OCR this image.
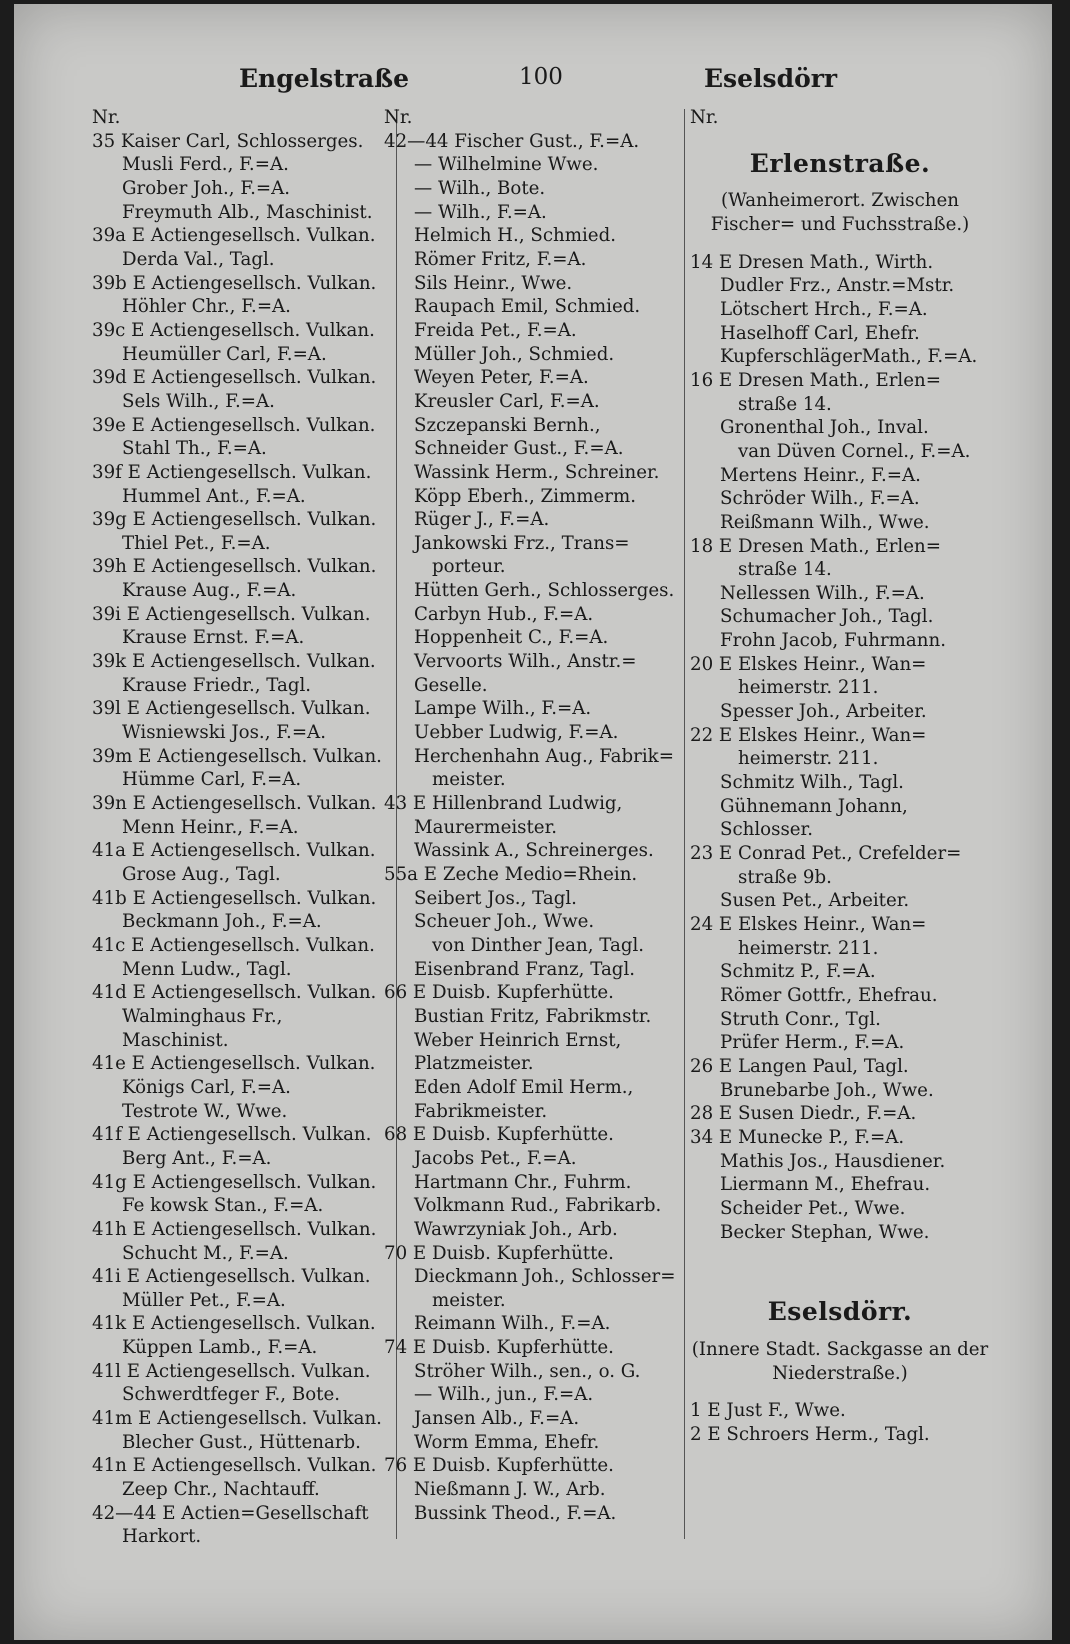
Engelstraße	100	Eselsdörr
Nr.
35 Kaiser Carl, Schlosserges.
Musli Ferd., F.=A.
Grober Joh., F.=A.
Freymuth Alb., Maschinist.
39a E Actiengesellsch. Vulkan.
Derda Val., Tagl.
39b E Actiengesellsch. Vulkan.
Höhler Chr., F.=A.
39c E Actiengesellsch. Vulkan.
Heumüller Carl, F.=A.
39d E Actiengesellsch. Vulkan.
Sels Wilh., F.=A.
39e E Actiengesellsch. Vulkan.
Stahl Th., F.=A.
39f E Actiengesellsch. Vulkan.
Hummel Ant., F.=A.
39g E Actiengesellsch. Vulkan.
Thiel Pet., F.=A.
39h E Actiengesellsch. Vulkan.
Krause Aug., F.=A.
39i E Actiengesellsch. Vulkan.
Krause Ernst. F.=A.
39k E Actiengesellsch. Vulkan.
Krause Friedr., Tagl.
39l E Actiengesellsch. Vulkan.
Wisniewski Jos., F.=A.
39m E Actiengesellsch. Vulkan.
Hümme Carl, F.=A.
39n E Actiengesellsch. Vulkan.
Menn Heinr., F.=A.
41a E Actiengesellsch. Vulkan.
Grose Aug., Tagl.
41b E Actiengesellsch. Vulkan.
Beckmann Joh., F.=A.
41c E Actiengesellsch. Vulkan.
Menn Ludw., Tagl.
41d E Actiengesellsch. Vulkan.
Walminghaus Fr.,
Maschinist.
41e E Actiengesellsch. Vulkan.
Königs Carl, F.=A.
Testrote W., Wwe.
41f E Actiengesellsch. Vulkan.
Berg Ant., F.=A.
41g E Actiengesellsch. Vulkan.
Fe kowsk Stan., F.=A.
41h E Actiengesellsch. Vulkan.
Schucht M., F.=A.
41i E Actiengesellsch. Vulkan.
Müller Pet., F.=A.
41k E Actiengesellsch. Vulkan.
Küppen Lamb., F.=A.
41l E Actiengesellsch. Vulkan.
Schwerdtfeger F., Bote.
41m E Actiengesellsch. Vulkan.
Blecher Gust., Hüttenarb.
41n E Actiengesellsch. Vulkan.
Zeep Chr., Nachtauff.
42—44 E Actien=Gesellschaft
Harkort.
Nr.
42—44 Fischer Gust., F.=A.
— Wilhelmine Wwe.
— Wilh., Bote.
— Wilh., F.=A.
Helmich H., Schmied.
Römer Fritz, F.=A.
Sils Heinr., Wwe.
Raupach Emil, Schmied.
Freida Pet., F.=A.
Müller Joh., Schmied.
Weyen Peter, F.=A.
Kreusler Carl, F.=A.
Szczepanski Bernh.,
Schneider Gust., F.=A.
Wassink Herm., Schreiner.
Köpp Eberh., Zimmerm.
Rüger J., F.=A.
Jankowski Frz., Trans=
porteur.
Hütten Gerh., Schlosserges.
Carbyn Hub., F.=A.
Hoppenheit C., F.=A.
Vervoorts Wilh., Anstr.=
Geselle.
Lampe Wilh., F.=A.
Uebber Ludwig, F.=A.
Herchenhahn Aug., Fabrik=
meister.
43 E Hillenbrand Ludwig,
Maurermeister.
Wassink A., Schreinerges.
55a E Zeche Medio=Rhein.
Seibert Jos., Tagl.
Scheuer Joh., Wwe.
von Dinther Jean, Tagl.
Eisenbrand Franz, Tagl.
66 E Duisb. Kupferhütte.
Bustian Fritz, Fabrikmstr.
Weber Heinrich Ernst,
Platzmeister.
Eden Adolf Emil Herm.,
Fabrikmeister.
68 E Duisb. Kupferhütte.
Jacobs Pet., F.=A.
Hartmann Chr., Fuhrm.
Volkmann Rud., Fabrikarb.
Wawrzyniak Joh., Arb.
70 E Duisb. Kupferhütte.
Dieckmann Joh., Schlosser=
meister.
Reimann Wilh., F.=A.
74 E Duisb. Kupferhütte.
Ströher Wilh., sen., o. G.
— Wilh., jun., F.=A.
Jansen Alb., F.=A.
Worm Emma, Ehefr.
76 E Duisb. Kupferhütte.
Nießmann J. W., Arb.
Bussink Theod., F.=A.
Nr.
Erlenstraße.
(Wanheimerort. Zwischen Fischer= und Fuchsstraße.)
14 E Dresen Math., Wirth.
Dudler Frz., Anstr.=Mstr.
Lötschert Hrch., F.=A.
Haselhoff Carl, Ehefr.
KupferschlägerMath., F.=A.
16 E Dresen Math., Erlen=
straße 14.
Gronenthal Joh., Inval.
van Düven Cornel., F.=A.
Mertens Heinr., F.=A.
Schröder Wilh., F.=A.
Reißmann Wilh., Wwe.
18 E Dresen Math., Erlen=
straße 14.
Nellessen Wilh., F.=A.
Schumacher Joh., Tagl.
Frohn Jacob, Fuhrmann.
20 E Elskes Heinr., Wan=
heimerstr. 211.
Spesser Joh., Arbeiter.
22 E Elskes Heinr., Wan=
heimerstr. 211.
Schmitz Wilh., Tagl.
Gühnemann Johann,
Schlosser.
23 E Conrad Pet., Crefelder=
straße 9b.
Susen Pet., Arbeiter.
24 E Elskes Heinr., Wan=
heimerstr. 211.
Schmitz P., F.=A.
Römer Gottfr., Ehefrau.
Struth Conr., Tgl.
Prüfer Herm., F.=A.
26 E Langen Paul, Tagl.
Brunebarbe Joh., Wwe.
28 E Susen Diedr., F.=A.
34 E Munecke P., F.=A.
Mathis Jos., Hausdiener.
Liermann M., Ehefrau.
Scheider Pet., Wwe.
Becker Stephan, Wwe.
Eselsdörr.
(Innere Stadt. Sackgasse an der Niederstraße.)
1 E Just F., Wwe.
2 E Schroers Herm., Tagl.
